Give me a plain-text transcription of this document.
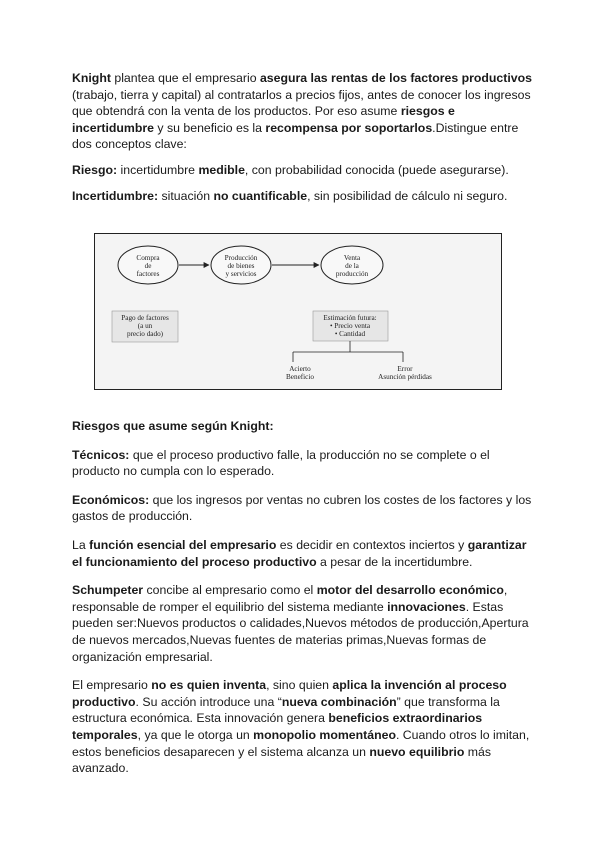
Knight plantea que el empresario asegura las rentas de los factores productivos (trabajo, tierra y capital) al contratarlos a precios fijos, antes de conocer los ingresos que obtendrá con la venta de los productos. Por eso asume riesgos e incertidumbre y su beneficio es la recompensa por soportarlos.Distingue entre dos conceptos clave:

Riesgo: incertidumbre medible, con probabilidad conocida (puede asegurarse).

Incertidumbre: situación no cuantificable, sin posibilidad de cálculo ni seguro.

Compra
de
factores
Producción
de bienes
y servicios
Venta
de la
producción
Pago de factores
(a un
precio dado)
Estimación futura:
• Precio venta
• Cantidad
Acierto
Beneficio
Error
Asunción pérdidas

Riesgos que asume según Knight:

Técnicos: que el proceso productivo falle, la producción no se complete o el producto no cumpla con lo esperado.

Económicos: que los ingresos por ventas no cubren los costes de los factores y los gastos de producción.

La función esencial del empresario es decidir en contextos inciertos y garantizar el funcionamiento del proceso productivo a pesar de la incertidumbre.

Schumpeter concibe al empresario como el motor del desarrollo económico, responsable de romper el equilibrio del sistema mediante innovaciones. Estas pueden ser:Nuevos productos o calidades,Nuevos métodos de producción,Apertura de nuevos mercados,Nuevas fuentes de materias primas,Nuevas formas de organización empresarial.

El empresario no es quien inventa, sino quien aplica la invención al proceso productivo. Su acción introduce una “nueva combinación” que transforma la estructura económica. Esta innovación genera beneficios extraordinarios temporales, ya que le otorga un monopolio momentáneo. Cuando otros lo imitan, estos beneficios desaparecen y el sistema alcanza un nuevo equilibrio más avanzado.
